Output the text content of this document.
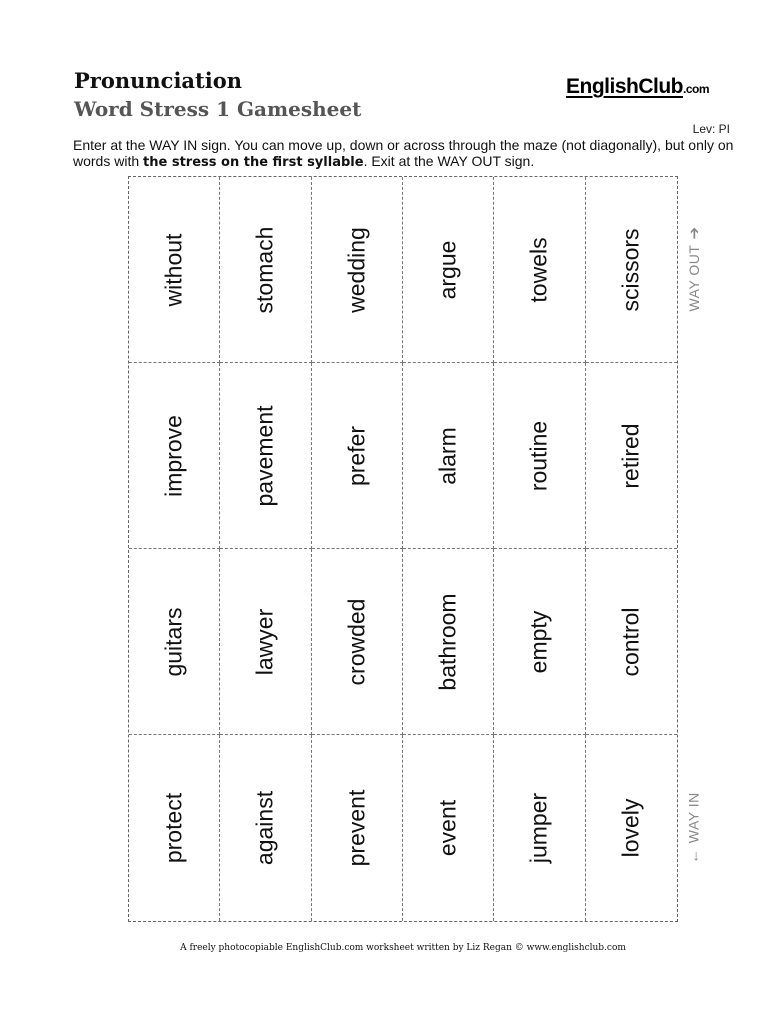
Pronunciation
Word Stress 1 Gamesheet
EnglishClub.com
Lev: PI
Enter at the WAY IN sign. You can move up, down or across through the maze (not diagonally), but only on words with the stress on the first syllable. Exit at the WAY OUT sign.
without	stomach	wedding	argue	towels	scissors
improve	pavement	prefer	alarm	routine	retired
guitars	lawyer	crowded	bathroom	empty	control
protect	against	prevent	event	jumper	lovely
WAY OUT➔
←WAY IN
A freely photocopiable EnglishClub.com worksheet written by Liz Regan © www.englishclub.com
